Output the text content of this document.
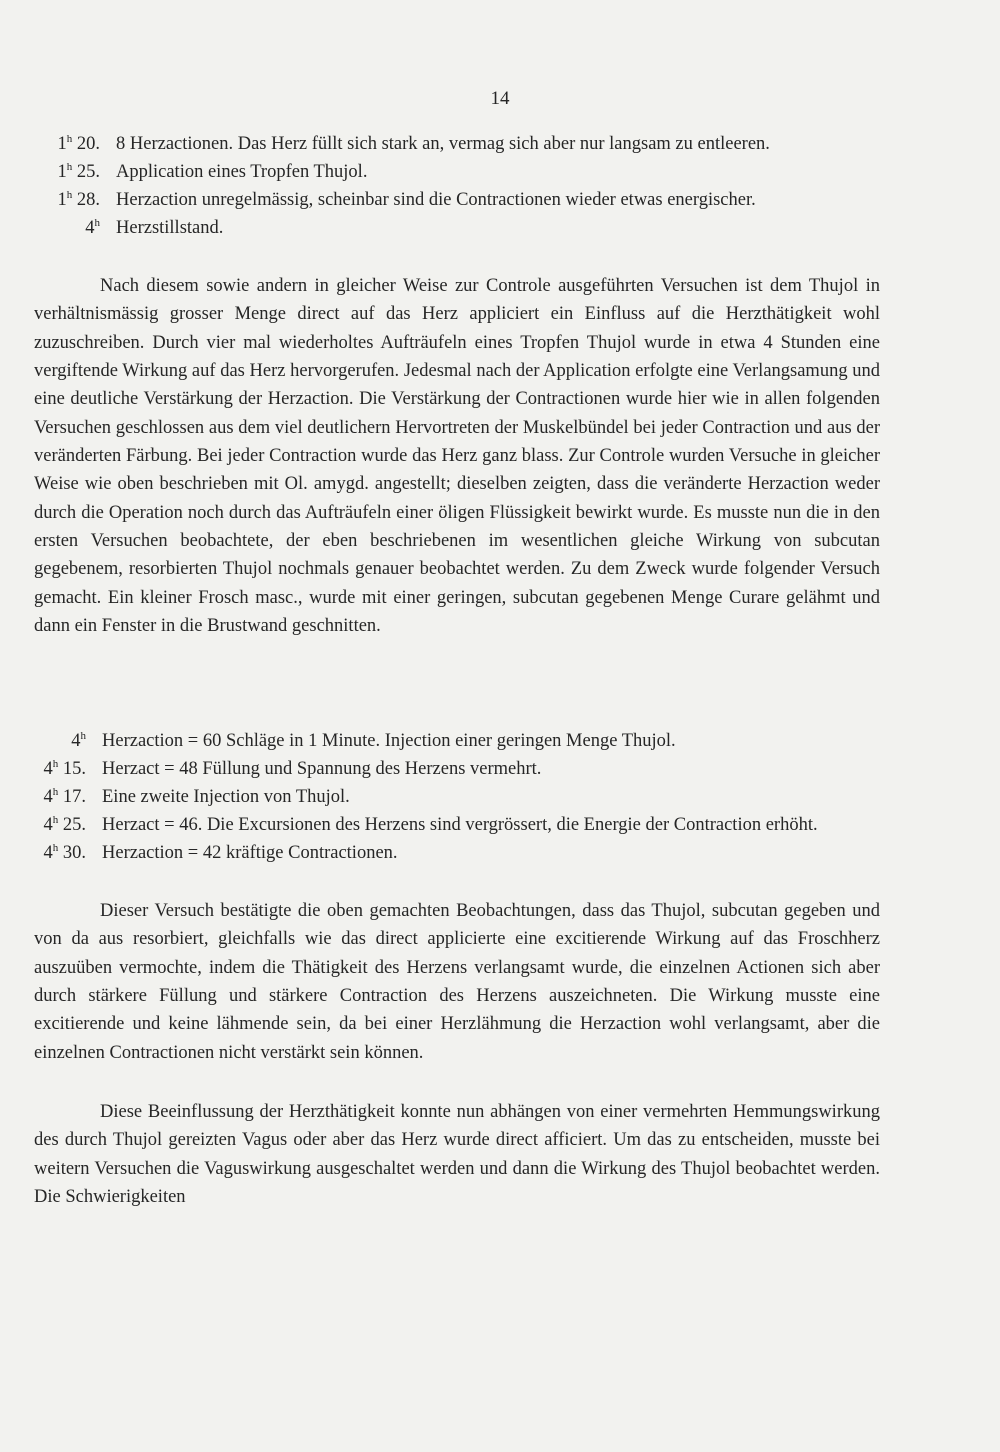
14
1$^h$ 20. 8 Herzactionen. Das Herz füllt sich stark an, vermag sich aber nur langsam zu entleeren.
1$^h$ 25. Application eines Tropfen Thujol.
1$^h$ 28. Herzaction unregelmässig, scheinbar sind die Contractionen wieder etwas energischer.
4$^h$ Herzstillstand.

Nach diesem sowie andern in gleicher Weise zur Controle ausgeführten Versuchen ist dem Thujol in verhältnismässig grosser Menge direct auf das Herz appliciert ein Einfluss auf die Herzthätigkeit wohl zuzuschreiben. Durch vier mal wiederholtes Aufträufeln eines Tropfen Thujol wurde in etwa 4 Stunden eine vergiftende Wirkung auf das Herz hervorgerufen. Jedesmal nach der Application erfolgte eine Verlangsamung und eine deutliche Verstärkung der Herzaction. Die Verstärkung der Contractionen wurde hier wie in allen folgenden Versuchen geschlossen aus dem viel deutlichern Hervortreten der Muskelbündel bei jeder Contraction und aus der veränderten Färbung. Bei jeder Contraction wurde das Herz ganz blass. Zur Controle wurden Versuche in gleicher Weise wie oben beschrieben mit Ol. amygd. angestellt; dieselben zeigten, dass die veränderte Herzaction weder durch die Operation noch durch das Aufträufeln einer öligen Flüssigkeit bewirkt wurde. Es musste nun die in den ersten Versuchen beobachtete, der eben beschriebenen im wesentlichen gleiche Wirkung von subcutan gegebenem, resorbierten Thujol nochmals genauer beobachtet werden. Zu dem Zweck wurde folgender Versuch gemacht. Ein kleiner Frosch masc., wurde mit einer geringen, subcutan gegebenen Menge Curare gelähmt und dann ein Fenster in die Brustwand geschnitten.

4$^h$ Herzaction = 60 Schläge in 1 Minute. Injection einer geringen Menge Thujol.
4$^h$ 15. Herzact = 48 Füllung und Spannung des Herzens vermehrt.
4$^h$ 17. Eine zweite Injection von Thujol.
4$^h$ 25. Herzact = 46. Die Excursionen des Herzens sind vergrössert, die Energie der Contraction erhöht.
4$^h$ 30. Herzaction = 42 kräftige Contractionen.

Dieser Versuch bestätigte die oben gemachten Beobachtungen, dass das Thujol, subcutan gegeben und von da aus resorbiert, gleichfalls wie das direct applicierte eine excitierende Wirkung auf das Froschherz auszuüben vermochte, indem die Thätigkeit des Herzens verlangsamt wurde, die einzelnen Actionen sich aber durch stärkere Füllung und stärkere Contraction des Herzens auszeichneten. Die Wirkung musste eine excitierende und keine lähmende sein, da bei einer Herzlähmung die Herzaction wohl verlangsamt, aber die einzelnen Contractionen nicht verstärkt sein können.

Diese Beeinflussung der Herzthätigkeit konnte nun abhängen von einer vermehrten Hemmungswirkung des durch Thujol gereizten Vagus oder aber das Herz wurde direct afficiert. Um das zu entscheiden, musste bei weitern Versuchen die Vaguswirkung ausgeschaltet werden und dann die Wirkung des Thujol beobachtet werden. Die Schwierigkeiten
